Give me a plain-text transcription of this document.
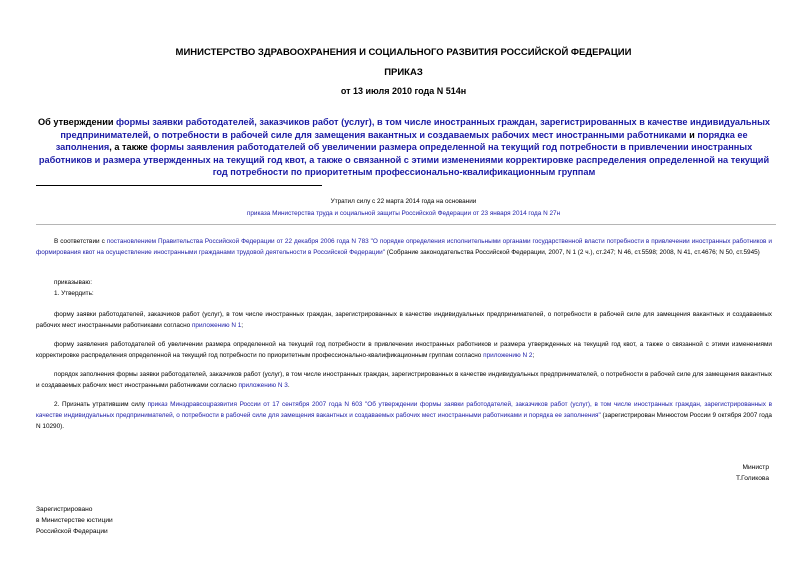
МИНИСТЕРСТВО ЗДРАВООХРАНЕНИЯ И СОЦИАЛЬНОГО РАЗВИТИЯ РОССИЙСКОЙ ФЕДЕРАЦИИ
ПРИКАЗ
от 13 июля 2010 года N 514н
Об утверждении формы заявки работодателей, заказчиков работ (услуг), в том числе иностранных граждан, зарегистрированных в качестве индивидуальных предпринимателей, о потребности в рабочей силе для замещения вакантных и создаваемых рабочих мест иностранными работниками и порядка ее заполнения, а также формы заявления работодателей об увеличении размера определенной на текущий год потребности в привлечении иностранных работников и размера утвержденных на текущий год квот, а также о связанной с этими изменениями корректировке распределения определенной на текущий год потребности по приоритетным профессионально-квалификационным группам
Утратил силу с 22 марта 2014 года на основании
приказа Министерства труда и социальной защиты Российской Федерации от 23 января 2014 года N 27н
В соответствии с постановлением Правительства Российской Федерации от 22 декабря 2006 года N 783 "О порядке определения исполнительными органами государственной власти потребности в привлечении иностранных работников и формирования квот на осуществление иностранными гражданами трудовой деятельности в Российской Федерации" (Собрание законодательства Российской Федерации, 2007, N 1 (2 ч.), ст.247; N 46, ст.5598; 2008, N 41, ст.4676; N 50, ст.5945)
приказываю:
1. Утвердить:
форму заявки работодателей, заказчиков работ (услуг), в том числе иностранных граждан, зарегистрированных в качестве индивидуальных предпринимателей, о потребности в рабочей силе для замещения вакантных и создаваемых рабочих мест иностранными работниками согласно приложению N 1;
форму заявления работодателей об увеличении размера определенной на текущий год потребности в привлечении иностранных работников и размера утвержденных на текущий год квот, а также о связанной с этими изменениями корректировке распределения определенной на текущий год потребности по приоритетным профессионально-квалификационным группам согласно приложению N 2;
порядок заполнения формы заявки работодателей, заказчиков работ (услуг), в том числе иностранных граждан, зарегистрированных в качестве индивидуальных предпринимателей, о потребности в рабочей силе для замещения вакантных и создаваемых рабочих мест иностранными работниками согласно приложению N 3.
2. Признать утратившим силу приказ Минздравсоцразвития России от 17 сентября 2007 года N 603 "Об утверждении формы заявки работодателей, заказчиков работ (услуг), в том числе иностранных граждан, зарегистрированных в качестве индивидуальных предпринимателей, о потребности в рабочей силе для замещения вакантных и создаваемых рабочих мест иностранными работниками и порядка ее заполнения" (зарегистрирован Минюстом России 9 октября 2007 года N 10290).
Министр
Т.Голикова
Зарегистрировано
в Министерстве юстиции
Российской Федерации
